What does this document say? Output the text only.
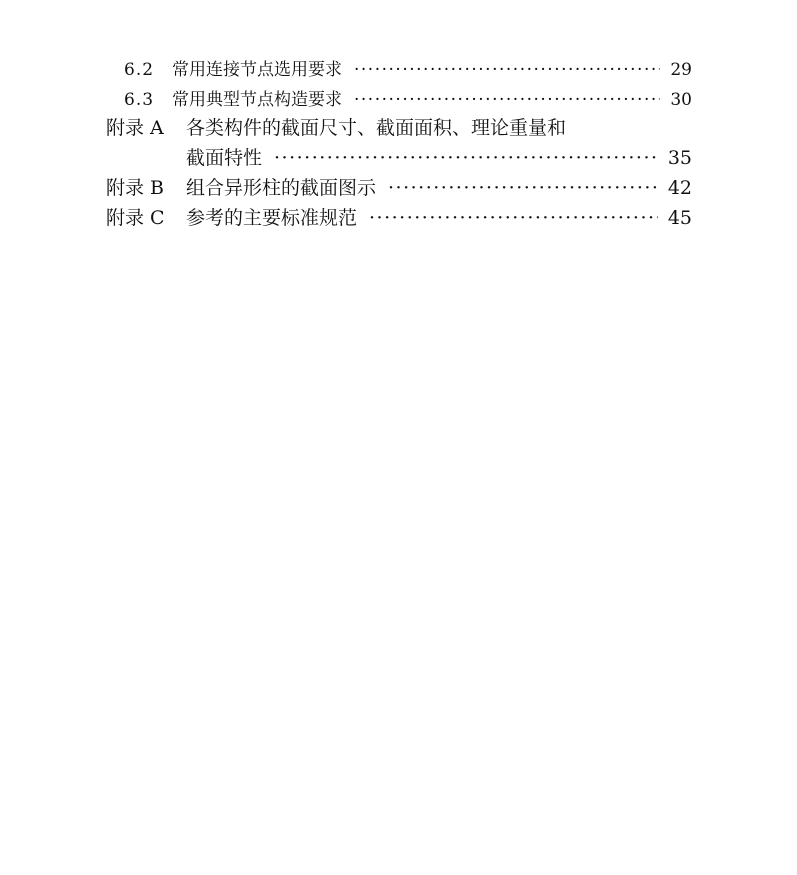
6.2	常用连接节点选用要求 ·····	29
6.3	常用典型节点构造要求 ·····	30
附录 A	各类构件的截面尺寸、截面面积、理论重量和
截面特性 ·····	35
附录 B	组合异形柱的截面图示 ·····	42
附录 C	参考的主要标准规范 ·····	45
